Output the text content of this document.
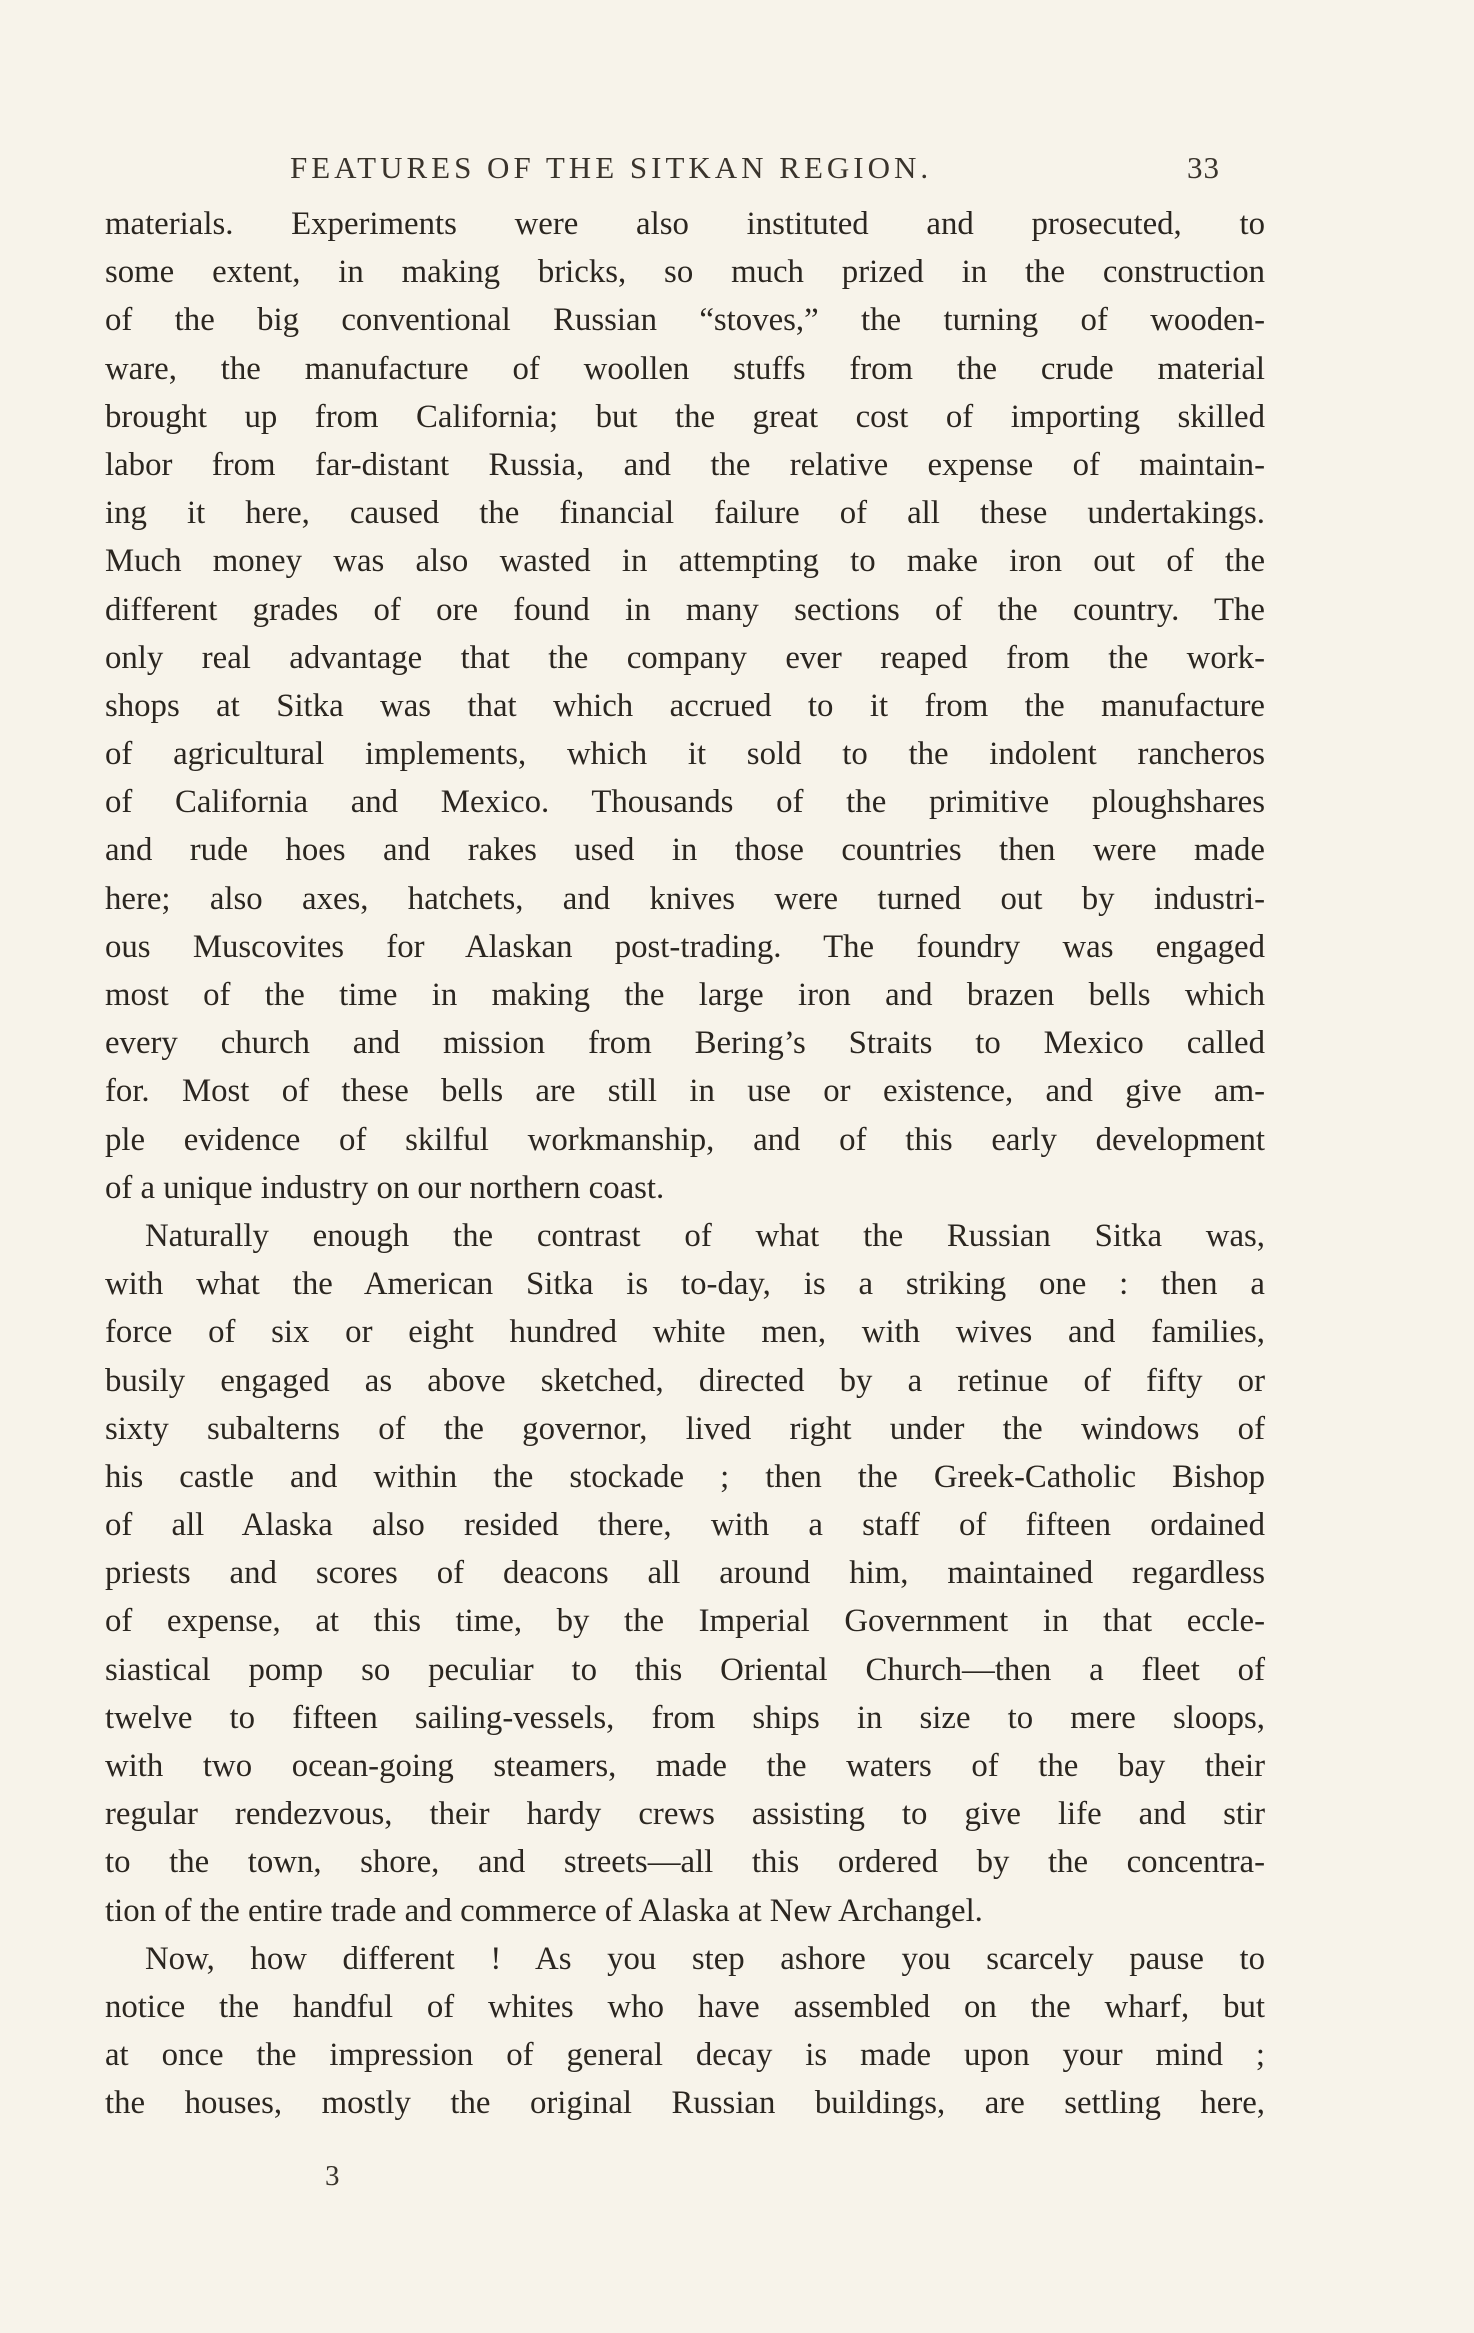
FEATURES OF THE SITKAN REGION.	33
materials. Experiments were also instituted and prosecuted, to
some extent, in making bricks, so much prized in the construction
of the big conventional Russian “stoves,” the turning of wooden-
ware, the manufacture of woollen stuffs from the crude material
brought up from California; but the great cost of importing skilled
labor from far-distant Russia, and the relative expense of maintain-
ing it here, caused the financial failure of all these undertakings.
Much money was also wasted in attempting to make iron out of the
different grades of ore found in many sections of the country. The
only real advantage that the company ever reaped from the work-
shops at Sitka was that which accrued to it from the manufacture
of agricultural implements, which it sold to the indolent rancheros
of California and Mexico. Thousands of the primitive ploughshares
and rude hoes and rakes used in those countries then were made
here; also axes, hatchets, and knives were turned out by industri-
ous Muscovites for Alaskan post-trading. The foundry was engaged
most of the time in making the large iron and brazen bells which
every church and mission from Bering’s Straits to Mexico called
for. Most of these bells are still in use or existence, and give am-
ple evidence of skilful workmanship, and of this early development
of a unique industry on our northern coast.
Naturally enough the contrast of what the Russian Sitka was,
with what the American Sitka is to-day, is a striking one : then a
force of six or eight hundred white men, with wives and families,
busily engaged as above sketched, directed by a retinue of fifty or
sixty subalterns of the governor, lived right under the windows of
his castle and within the stockade ; then the Greek-Catholic Bishop
of all Alaska also resided there, with a staff of fifteen ordained
priests and scores of deacons all around him, maintained regardless
of expense, at this time, by the Imperial Government in that eccle-
siastical pomp so peculiar to this Oriental Church—then a fleet of
twelve to fifteen sailing-vessels, from ships in size to mere sloops,
with two ocean-going steamers, made the waters of the bay their
regular rendezvous, their hardy crews assisting to give life and stir
to the town, shore, and streets—all this ordered by the concentra-
tion of the entire trade and commerce of Alaska at New Archangel.
Now, how different ! As you step ashore you scarcely pause to
notice the handful of whites who have assembled on the wharf, but
at once the impression of general decay is made upon your mind ;
the houses, mostly the original Russian buildings, are settling here,
3
